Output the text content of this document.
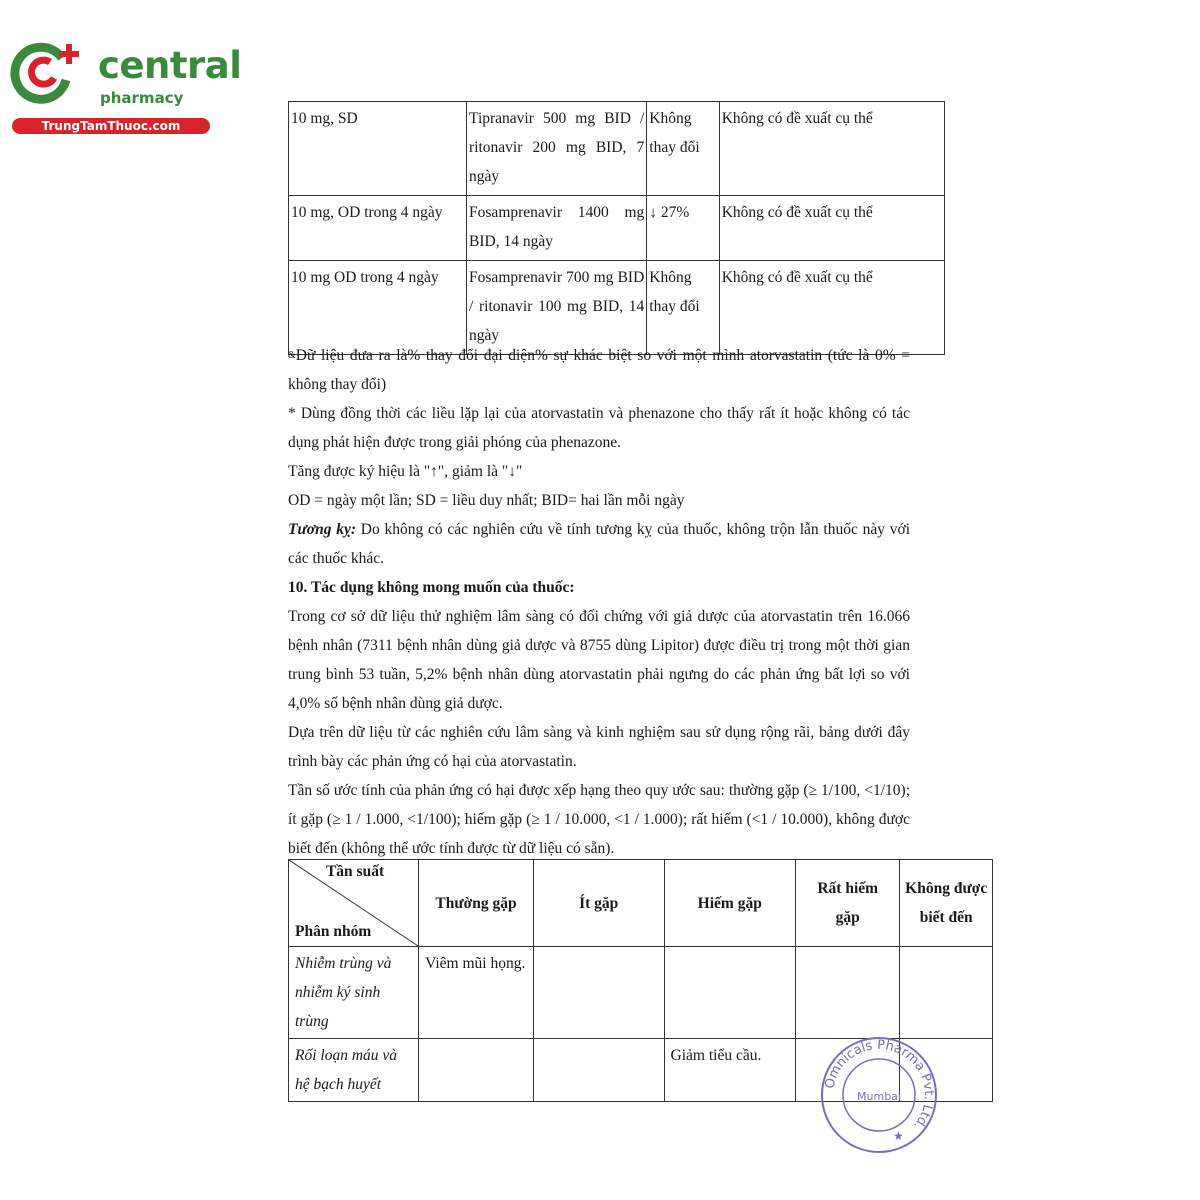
central
pharmacy
TrungTamThuoc.com	10 mg, SD	Tipranavir 500 mg BID / ritonavir 200 mg BID, 7 ngày	Không thay đổi	Không có đề xuất cụ thể
10 mg, OD trong 4 ngày	Fosamprenavir 1400 mg BID, 14 ngày	↓ 27%	Không có đề xuất cụ thể
10 mg OD trong 4 ngày	Fosamprenavir 700 mg BID / ritonavir 100 mg BID, 14 ngày	Không thay đổi	Không có đề xuất cụ thể

&Dữ liệu đưa ra là% thay đổi đại diện% sự khác biệt so với một mình atorvastatin (tức là 0% = không thay đổi)

* Dùng đồng thời các liều lặp lại của atorvastatin và phenazone cho thấy rất ít hoặc không có tác dụng phát hiện được trong giải phóng của phenazone.

Tăng được ký hiệu là "↑", giảm là "↓"

OD = ngày một lần; SD = liều duy nhất; BID= hai lần mỗi ngày

Tương kỵ: Do không có các nghiên cứu về tính tương kỵ của thuốc, không trộn lẫn thuốc này với các thuốc khác.

10. Tác dụng không mong muốn của thuốc:

Trong cơ sở dữ liệu thử nghiệm lâm sàng có đối chứng với giả dược của atorvastatin trên 16.066 bệnh nhân (7311 bệnh nhân dùng giả dược và 8755 dùng Lipitor) được điều trị trong một thời gian trung bình 53 tuần, 5,2% bệnh nhân dùng atorvastatin phải ngưng do các phản ứng bất lợi so với 4,0% số bệnh nhân dùng giả dược.

Dựa trên dữ liệu từ các nghiên cứu lâm sàng và kinh nghiệm sau sử dụng rộng rãi, bảng dưới đây trình bày các phản ứng có hại của atorvastatin.

Tần số ước tính của phản ứng có hại được xếp hạng theo quy ước sau: thường gặp (≥ 1/100, <1/10); ít gặp (≥ 1 / 1.000, <1/100); hiếm gặp (≥ 1 / 10.000, <1 / 1.000); rất hiếm (<1 / 10.000), không được biết đến (không thể ước tính được từ dữ liệu có sẵn).

Tần suất
Phân nhóm	Thường gặp	Ít gặp	Hiếm gặp	Rất hiếm gặp	Không được biết đến
Nhiễm trùng và nhiễm ký sinh trùng	Viêm mũi họng.				
Rối loạn máu và hệ bạch huyết			Giảm tiểu cầu.		
Omnicals Pharma Pvt. Ltd.
Mumbai
★
